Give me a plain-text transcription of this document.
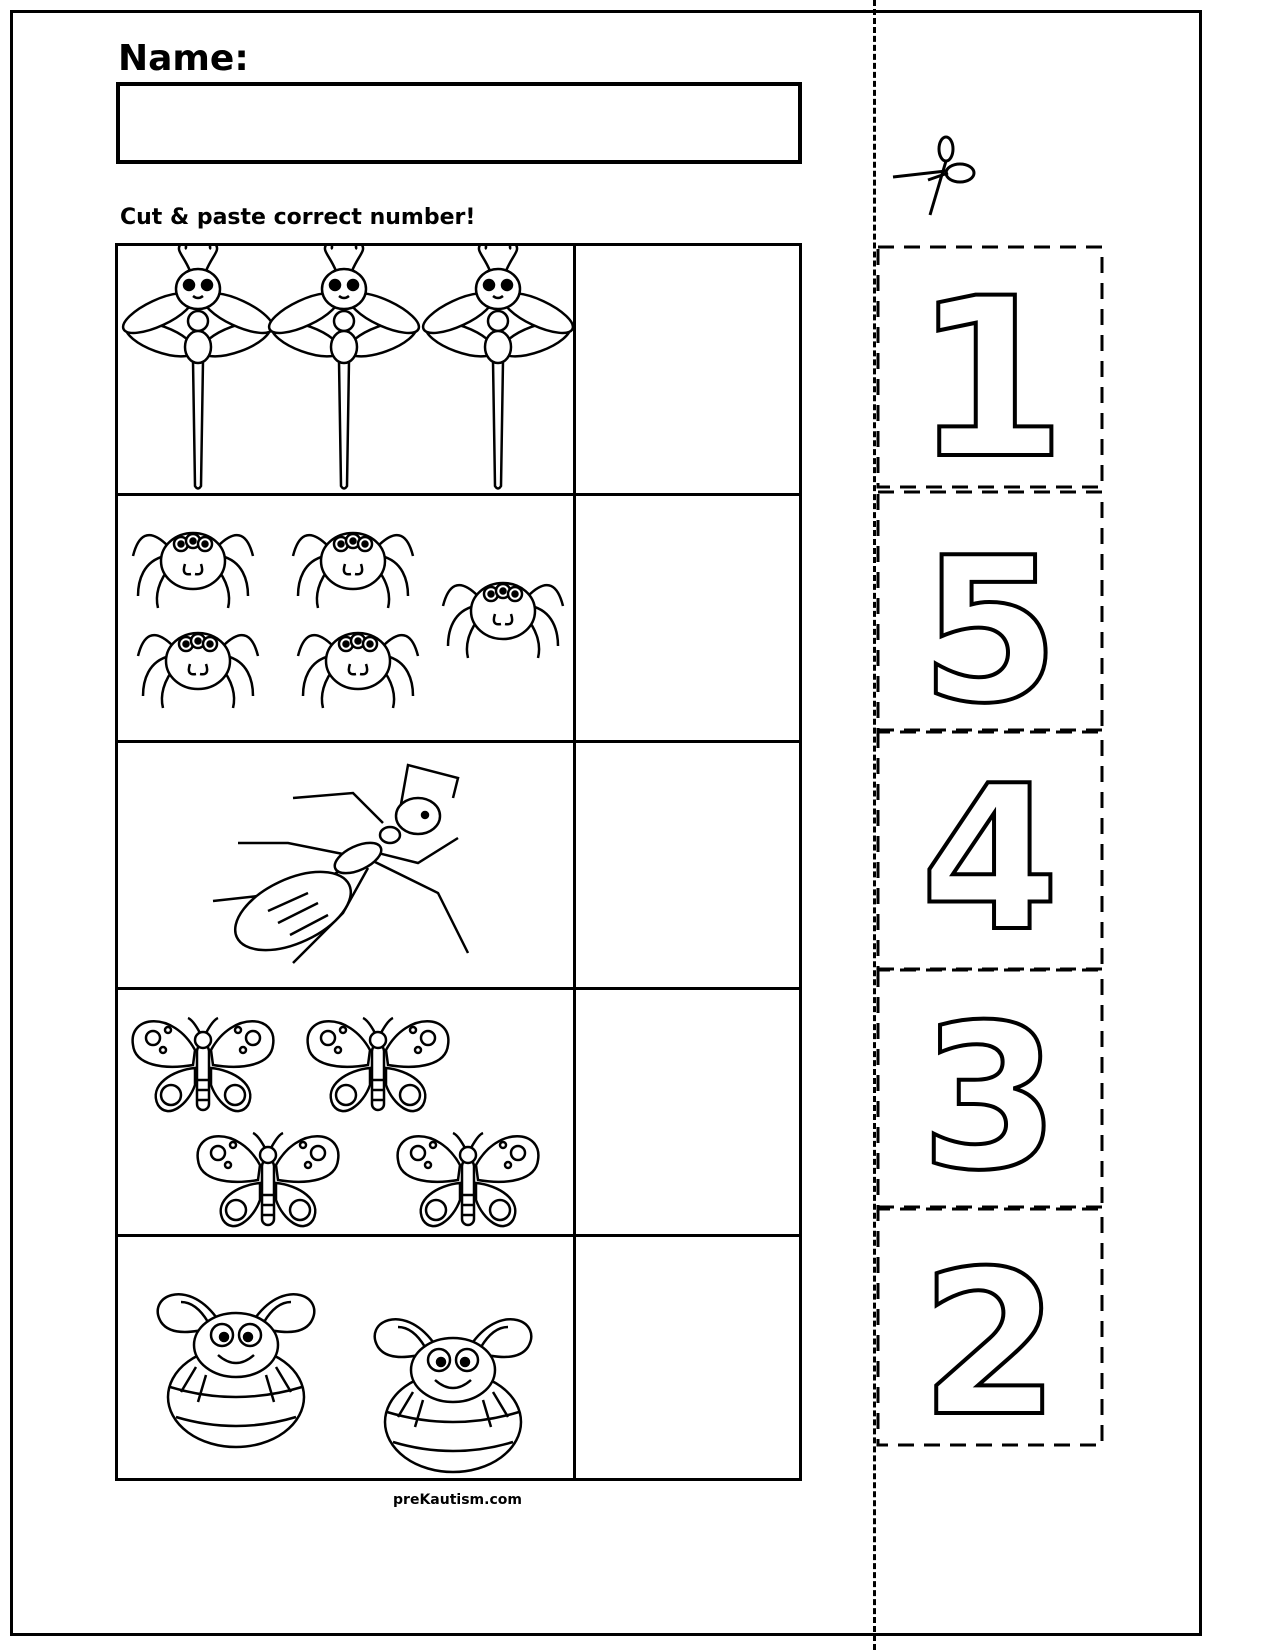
Name:
Cut & paste correct number!
1
5
4
3
2
preKautism.com
